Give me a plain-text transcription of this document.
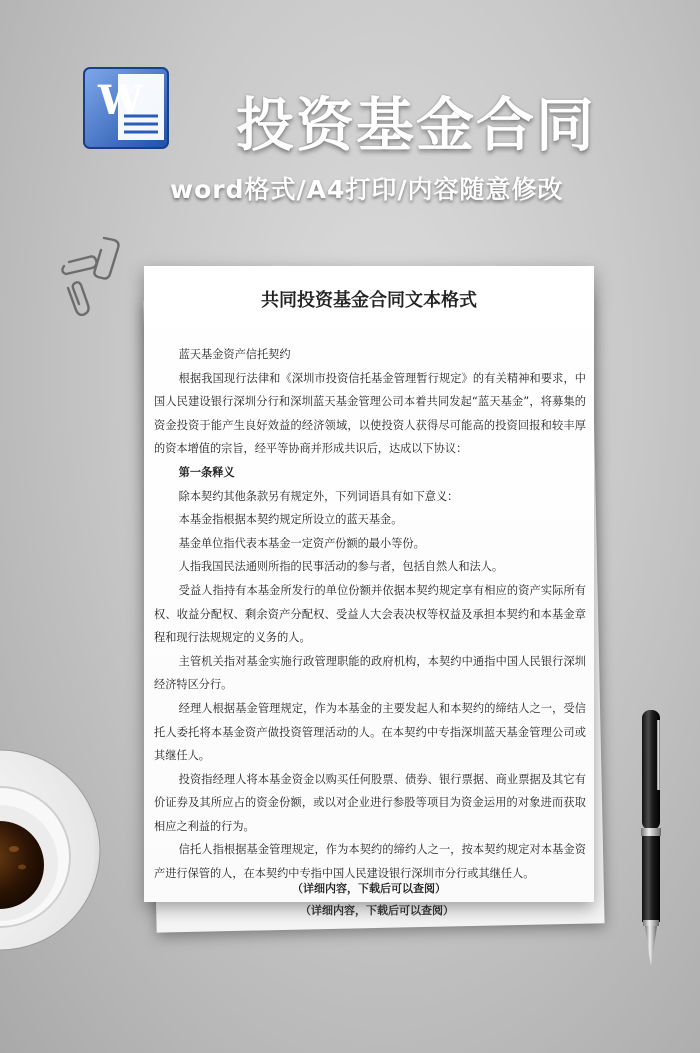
W 投资基金合同
word格式/A4打印/内容随意修改
（详细内容，下载后可以查阅）
共同投资基金合同文本格式

蓝天基金资产信托契约

根据我国现行法律和《深圳市投资信托基金管理暂行规定》的有关精神和要求，中国人民建设银行深圳分行和深圳蓝天基金管理公司本着共同发起“蓝天基金”，将募集的资金投资于能产生良好效益的经济领域，以使投资人获得尽可能高的投资回报和较丰厚的资本增值的宗旨，经平等协商并形成共识后，达成以下协议：

第一条释义

除本契约其他条款另有规定外，下列词语具有如下意义：

本基金指根据本契约规定所设立的蓝天基金。

基金单位指代表本基金一定资产份额的最小等份。

人指我国民法通则所指的民事活动的参与者，包括自然人和法人。

受益人指持有本基金所发行的单位份额并依据本契约规定享有相应的资产实际所有权、收益分配权、剩余资产分配权、受益人大会表决权等权益及承担本契约和本基金章程和现行法规规定的义务的人。

主管机关指对基金实施行政管理职能的政府机构，本契约中通指中国人民银行深圳经济特区分行。

经理人根据基金管理规定，作为本基金的主要发起人和本契约的缔结人之一，受信托人委托将本基金资产做投资管理活动的人。在本契约中专指深圳蓝天基金管理公司或其继任人。

投资指经理人将本基金资金以购买任何股票、债券、银行票据、商业票据及其它有价证券及其所应占的资金份额，或以对企业进行参股等项目为资金运用的对象进而获取相应之利益的行为。

信托人指根据基金管理规定，作为本契约的缔约人之一，按本契约规定对本基金资产进行保管的人，在本契约中专指中国人民建设银行深圳市分行或其继任人。

（详细内容，下载后可以查阅）
